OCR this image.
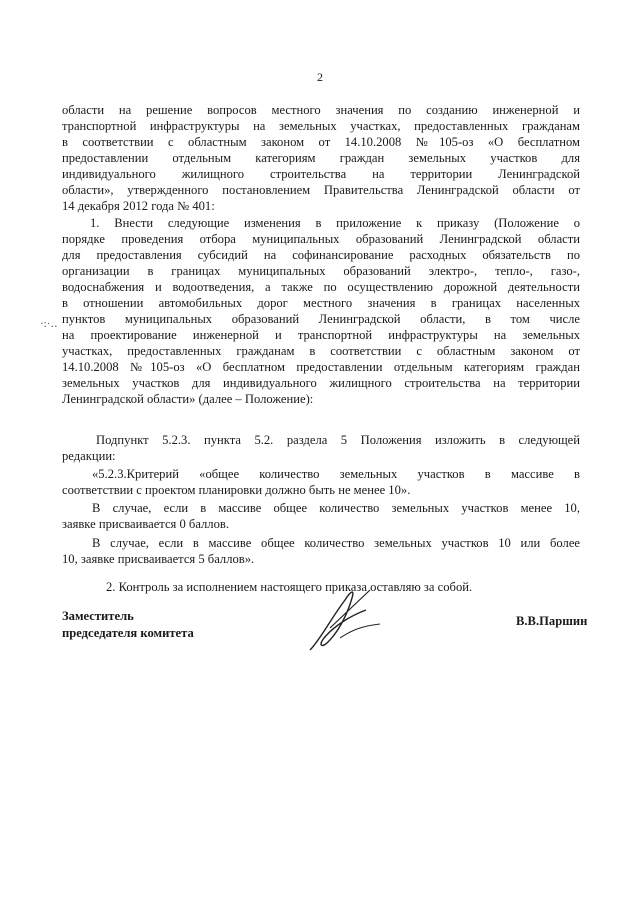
2
области на решение вопросов местного значения по созданию инженерной и
транспортной инфраструктуры на земельных участках, предоставленных гражданам
в соответствии с областным законом от 14.10.2008 №105-оз «О бесплатном
предоставлении отдельным категориям граждан земельных участков для
индивидуального жилищного строительства на территории Ленинградской
области», утвержденного постановлением Правительства Ленинградской области от
14 декабря 2012 года № 401:
1. Внести следующие изменения в приложение к приказу (Положение о
порядке проведения отбора муниципальных образований Ленинградской области
для предоставления субсидий на софинансирование расходных обязательств по
организации в границах муниципальных образований электро-, тепло-, газо-,
водоснабжения и водоотведения, а также по осуществлению дорожной деятельности
в отношении автомобильных дорог местного значения в границах населенных
пунктов муниципальных образований Ленинградской области, в том числе
на проектирование инженерной и транспортной инфраструктуры на земельных
участках, предоставленных гражданам в соответствии с областным законом от
14.10.2008 №105-оз «О бесплатном предоставлении отдельным категориям граждан
земельных участков для индивидуального жилищного строительства на территории
Ленинградской области» (далее – Положение):
Подпункт 5.2.3. пункта 5.2. раздела 5 Положения изложить в следующей
редакции:
«5.2.3.Критерий «общее количество земельных участков в массиве в
соответствии с проектом планировки должно быть не менее 10».
В случае, если в массиве общее количество земельных участков менее 10,
заявке присваивается 0 баллов.
В случае, если в массиве общее количество земельных участков 10 или более
10, заявке присваивается 5 баллов».
2. Контроль за исполнением настоящего приказа оставляю за собой.
·:·‥
Заместитель
председателя комитета
В.В.Паршин
